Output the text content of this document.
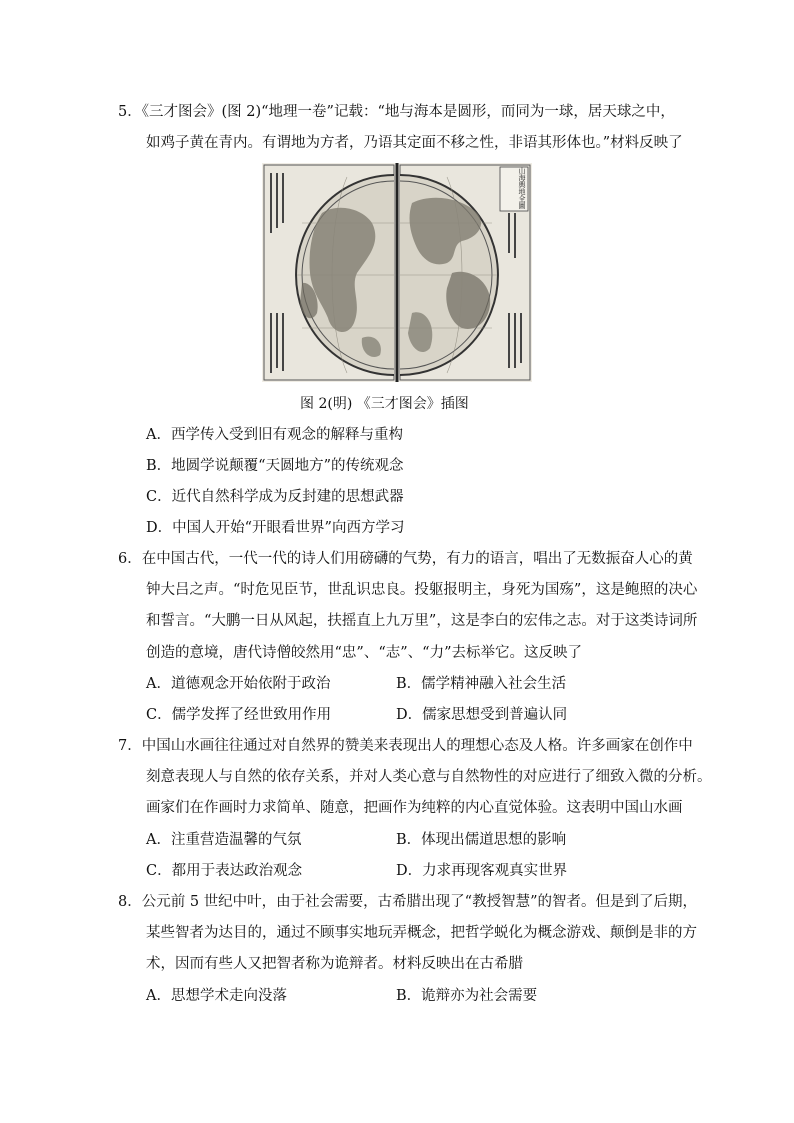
5．《三才图会》(图 2)“地理一卷”记载：“地与海本是圆形，而同为一球，居天球之中，
如鸡子黄在青内。有谓地为方者，乃语其定面不移之性，非语其形体也。”材料反映了
山海輿地全圖
图 2(明) 《三才图会》插图
A．西学传入受到旧有观念的解释与重构
B．地圆学说颠覆“天圆地方”的传统观念
C．近代自然科学成为反封建的思想武器
D．中国人开始“开眼看世界”向西方学习
6．在中国古代，一代一代的诗人们用磅礴的气势，有力的语言，唱出了无数振奋人心的黄
钟大吕之声。“时危见臣节，世乱识忠良。投躯报明主，身死为国殇”，这是鲍照的决心
和誓言。“大鹏一日从风起，扶摇直上九万里”，这是李白的宏伟之志。对于这类诗词所
创造的意境，唐代诗僧皎然用“忠”、“志”、“力”去标举它。这反映了
A．道德观念开始依附于政治	B．儒学精神融入社会生活
C．儒学发挥了经世致用作用	D．儒家思想受到普遍认同
7．中国山水画往往通过对自然界的赞美来表现出人的理想心态及人格。许多画家在创作中
刻意表现人与自然的依存关系，并对人类心意与自然物性的对应进行了细致入微的分析。
画家们在作画时力求简单、随意，把画作为纯粹的内心直觉体验。这表明中国山水画
A．注重营造温馨的气氛	B．体现出儒道思想的影响
C．都用于表达政治观念	D．力求再现客观真实世界
8．公元前 5 世纪中叶，由于社会需要，古希腊出现了“教授智慧”的智者。但是到了后期，
某些智者为达目的，通过不顾事实地玩弄概念，把哲学蜕化为概念游戏、颠倒是非的方
术，因而有些人又把智者称为诡辩者。材料反映出在古希腊
A．思想学术走向没落	B．诡辩亦为社会需要
